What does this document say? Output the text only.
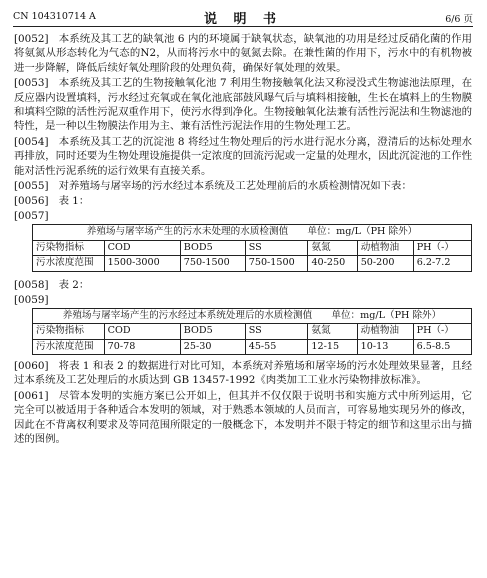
CN 104310714 A	说 明 书	6/6 页

[0052] 本系统及其工艺的缺氧池 6 内的环境属于缺氧状态，缺氧池的功用是经过反硝化菌的作用将氨氮从形态转化为气态的N2，从而将污水中的氨氮去除。在兼性菌的作用下，污水中的有机物被进一步降解，降低后续好氧处理阶段的处理负荷，确保好氧处理的效果。

[0053] 本系统及其工艺的生物接触氧化池 7 利用生物接触氧化法又称浸没式生物滤池法原理，在反应器内设置填料，污水经过充氧或在氧化池底部鼓风曝气后与填料相接触，生长在填料上的生物膜和填料空隙的活性污泥双重作用下，使污水得到净化。生物接触氧化法兼有活性污泥法和生物滤池的特性，是一种以生物膜法作用为主、兼有活性污泥法作用的生物处理工艺。

[0054] 本系统及其工艺的沉淀池 8 将经过生物处理后的污水进行泥水分离，澄清后的达标处理水再排放，同时还要为生物处理设施提供一定浓度的回流污泥或一定量的处理水，因此沉淀池的工作性能对活性污泥系统的运行效果有直接关系。

[0055] 对养殖场与屠宰场的污水经过本系统及工艺处理前后的水质检测情况如下表：

[0056] 表 1：

[0057]

养殖场与屠宰场产生的污水未处理的水质检测值　　单位：mg/L（PH 除外）						
污染物指标	COD	BOD5	SS	氨氮	动植物油	PH（-）
污水浓度范围	1500-3000	750-1500	750-1500	40-250	50-200	6.2-7.2

[0058] 表 2：

[0059]

养殖场与屠宰场产生的污水经过本系统处理后的水质检测值　　单位：mg/L（PH 除外）						
污染物指标	COD	BOD5	SS	氨氮	动植物油	PH（-）
污水浓度范围	70-78	25-30	45-55	12-15	10-13	6.5-8.5

[0060] 将表 1 和表 2 的数据进行对比可知，本系统对养殖场和屠宰场的污水处理效果显著，且经过本系统及工艺处理后的水质达到 GB 13457-1992《肉类加工工业水污染物排放标准》。

[0061] 尽管本发明的实施方案已公开如上，但其并不仅仅限于说明书和实施方式中所列运用，它完全可以被适用于各种适合本发明的领域，对于熟悉本领域的人员而言，可容易地实现另外的修改，因此在不背离权利要求及等同范围所限定的一般概念下，本发明并不限于特定的细节和这里示出与描述的图例。
